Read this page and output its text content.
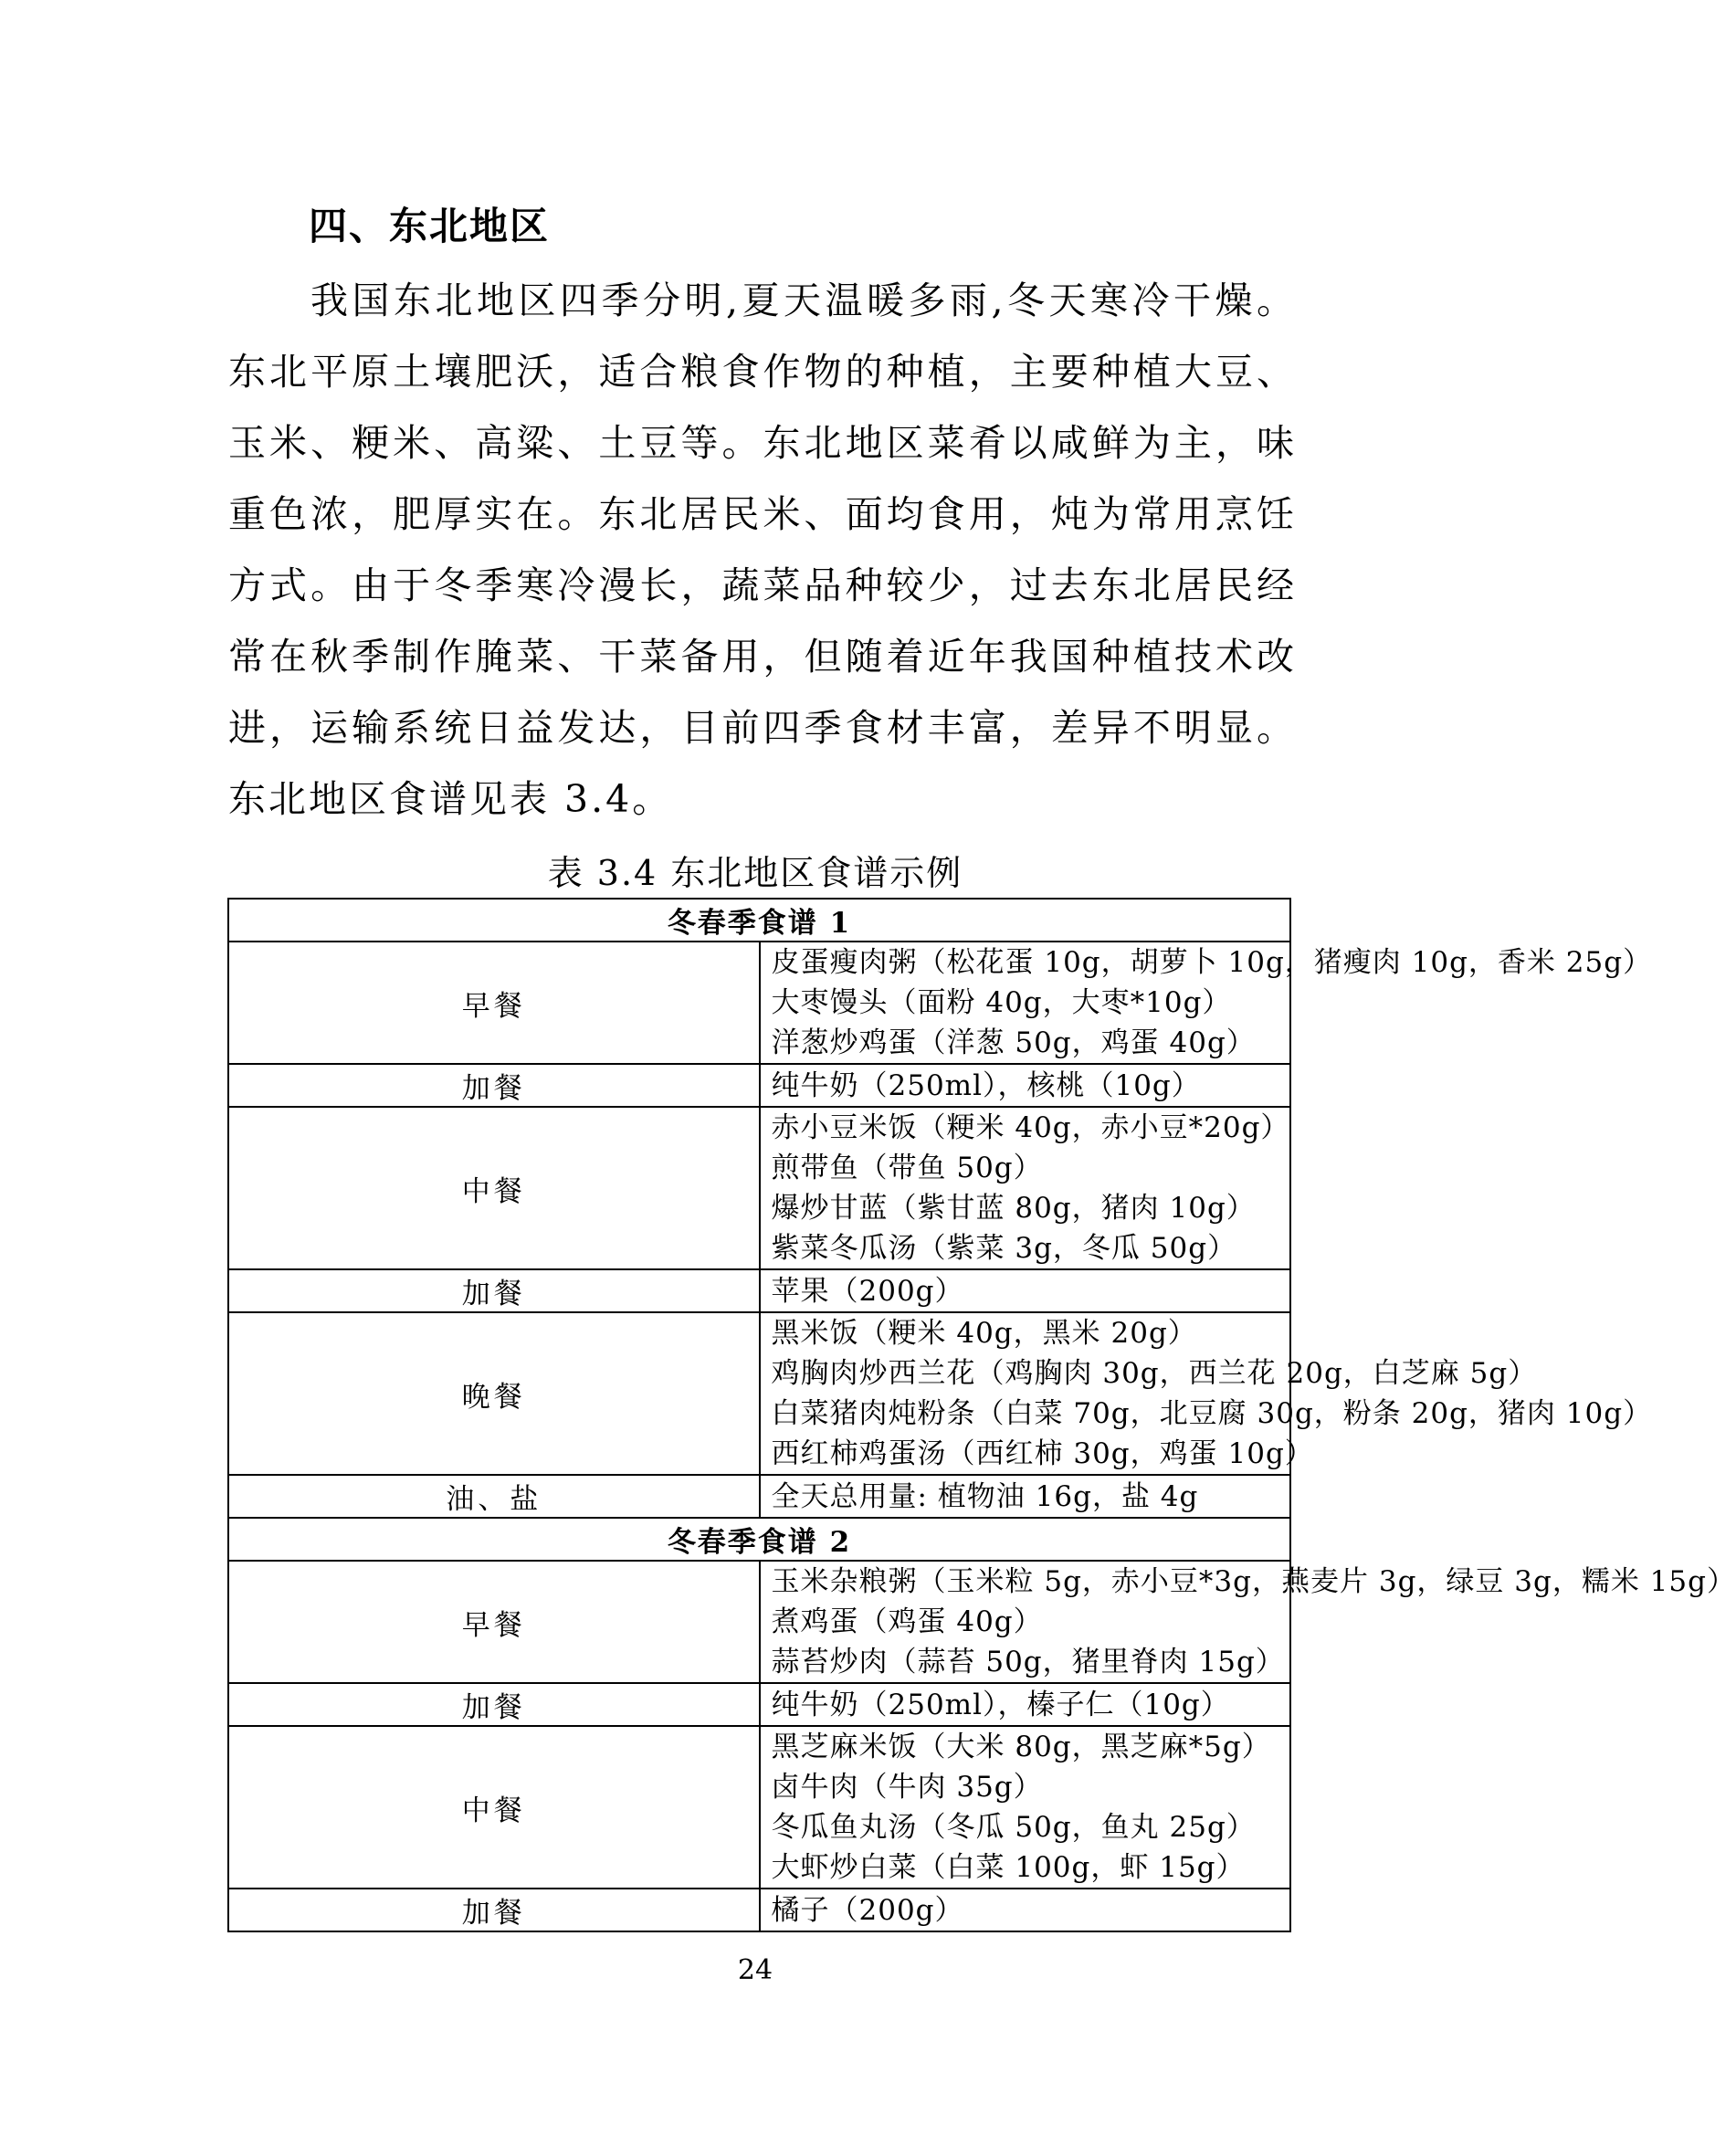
四、东北地区
我国东北地区四季分明,夏天温暖多雨,冬天寒冷干燥。东北平原土壤肥沃，适合粮食作物的种植，主要种植大豆、玉米、粳米、高粱、土豆等。东北地区菜肴以咸鲜为主，味重色浓，肥厚实在。东北居民米、面均食用，炖为常用烹饪方式。由于冬季寒冷漫长，蔬菜品种较少，过去东北居民经常在秋季制作腌菜、干菜备用，但随着近年我国种植技术改进，运输系统日益发达，目前四季食材丰富，差异不明显。东北地区食谱见表 3.4。
表 3.4 东北地区食谱示例
冬春季食谱 1	
早餐	皮蛋瘦肉粥（松花蛋 10g，胡萝卜 10g，猪瘦肉 10g，香米 25g）
大枣馒头（面粉 40g，大枣*10g）
洋葱炒鸡蛋（洋葱 50g，鸡蛋 40g）

加餐	纯牛奶（250ml），核桃（10g）

中餐	赤小豆米饭（粳米 40g，赤小豆*20g）
煎带鱼（带鱼 50g）
爆炒甘蓝（紫甘蓝 80g，猪肉 10g）
紫菜冬瓜汤（紫菜 3g，冬瓜 50g）

加餐	苹果（200g）

晚餐	黑米饭（粳米 40g，黑米 20g）
鸡胸肉炒西兰花（鸡胸肉 30g，西兰花 20g，白芝麻 5g）
白菜猪肉炖粉条（白菜 70g，北豆腐 30g，粉条 20g，猪肉 10g）
西红柿鸡蛋汤（西红柿 30g，鸡蛋 10g）

油、盐	全天总用量: 植物油 16g，盐 4g

冬春季食谱 2	
早餐	玉米杂粮粥（玉米粒 5g，赤小豆*3g，燕麦片 3g，绿豆 3g，糯米 15g）
煮鸡蛋（鸡蛋 40g）
蒜苔炒肉（蒜苔 50g，猪里脊肉 15g）

加餐	纯牛奶（250ml），榛子仁（10g）

中餐	黑芝麻米饭（大米 80g，黑芝麻*5g）
卤牛肉（牛肉 35g）
冬瓜鱼丸汤（冬瓜 50g，鱼丸 25g）
大虾炒白菜（白菜 100g，虾 15g）

加餐	橘子（200g）
24
